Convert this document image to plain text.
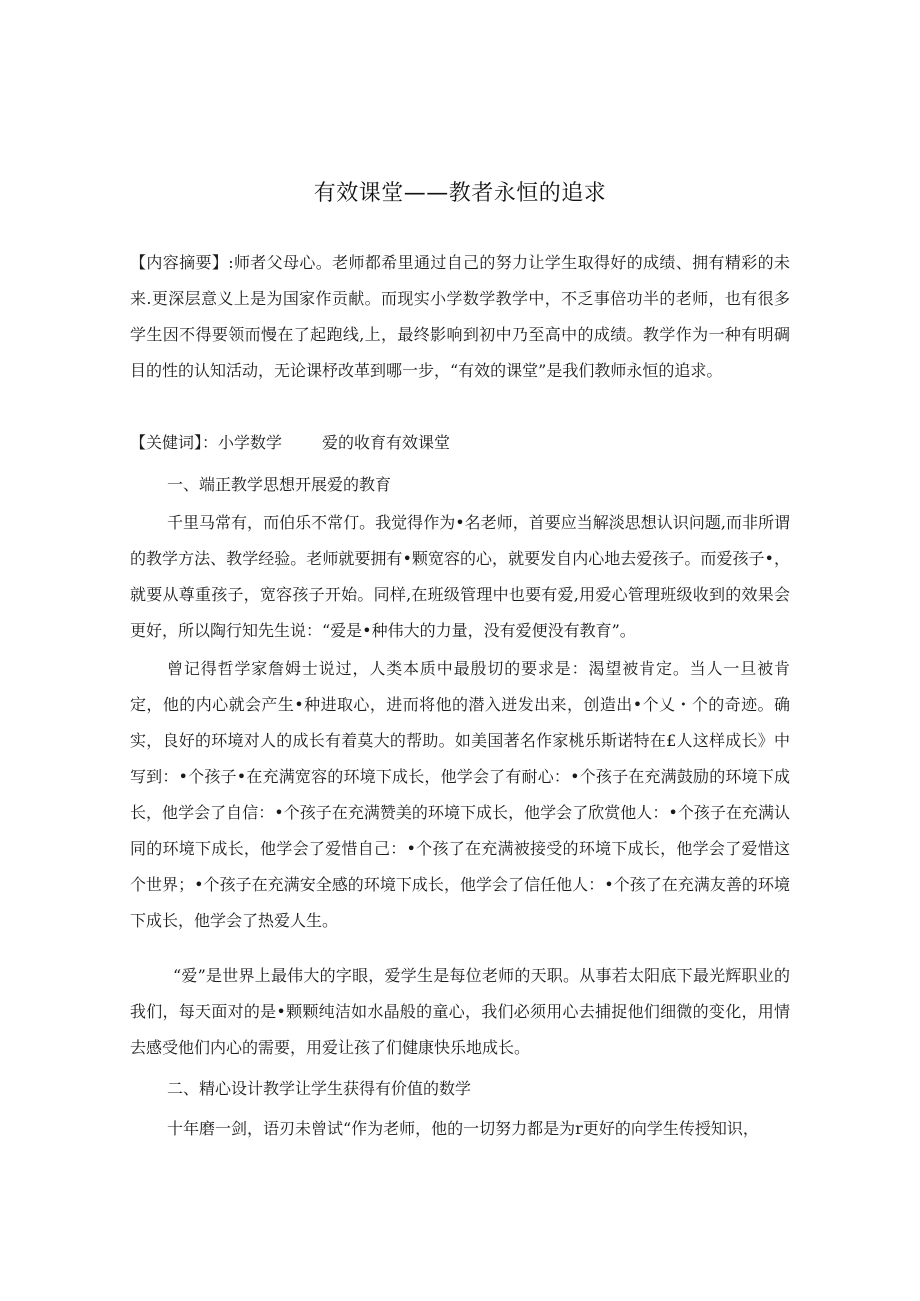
有效课堂——教者永恒的追求

【内容摘要】:师者父母心。老师都希里通过自己的努力让学生取得好的成绩、拥有精彩的未来.更深层意义上是为国家作贡献。而现实小学数学教学中，不乏事倍功半的老师，也有很多学生因不得要领而慢在了起跑线,上，最终影响到初中乃至高中的成绩。教学作为一种有明碉目的性的认知活动，无论课杼改革到哪一步，“有效的课堂”是我们教师永恒的追求。

【关健词】：小学数学	爱的收育有效课堂

一、端正教学思想开展爱的教育

千里马常有，而伯乐不常仃。我觉得作为•名老师，首要应当解淡思想认识问题,而非所谓的教学方法、教学经验。老师就要拥有•颗宽容的心，就要发自内心地去爱孩子。而爱孩子•，就要从尊重孩子，宽容孩子开始。同样,在班级管理中也要有爱,用爱心管理班级收到的效果会更好，所以陶行知先生说：“爱是•种伟大的力量，没有爱便没有教育”。

曾记得哲学家詹姆士说过，人类本质中最殷切的要求是：渴望被肯定。当人一旦被肯定，他的内心就会产生•种进取心，进而将他的潜入迸发出来，创造出•个乂・个的奇迹。确实，良好的环境对人的成长有着莫大的帮助。如美国著名作家桃乐斯诺特在£人这样成长》中写到：•个孩子•在充满宽容的环境下成长，他学会了有耐心：•个孩子在充满鼓励的环境下成长，他学会了自信：•个孩子在充满赞美的环境下成长，他学会了欣赏他人：•个孩子在充满认同的环境下成长，他学会了爱惜自己：•个孩了在充满被接受的环境下成长，他学会了爱惜这个世界；•个孩子在充满安全感的环境下成长，他学会了信任他人：•个孩了在充满友善的环境下成长，他学会了热爱人生。

“爱”是世界上最伟大的字眼，爱学生是每位老师的天职。从事若太阳底下最光辉职业的我们，每天面对的是•颗颗纯洁如水晶般的童心，我们必须用心去捕捉他们细微的变化，用情去感受他们内心的需要，用爱让孩了们健康快乐地成长。

二、精心设计教学让学生获得有价值的数学

十年磨一剑，语刃未曾试“作为老师，他的一切努力都是为r更好的向学生传授知识，
